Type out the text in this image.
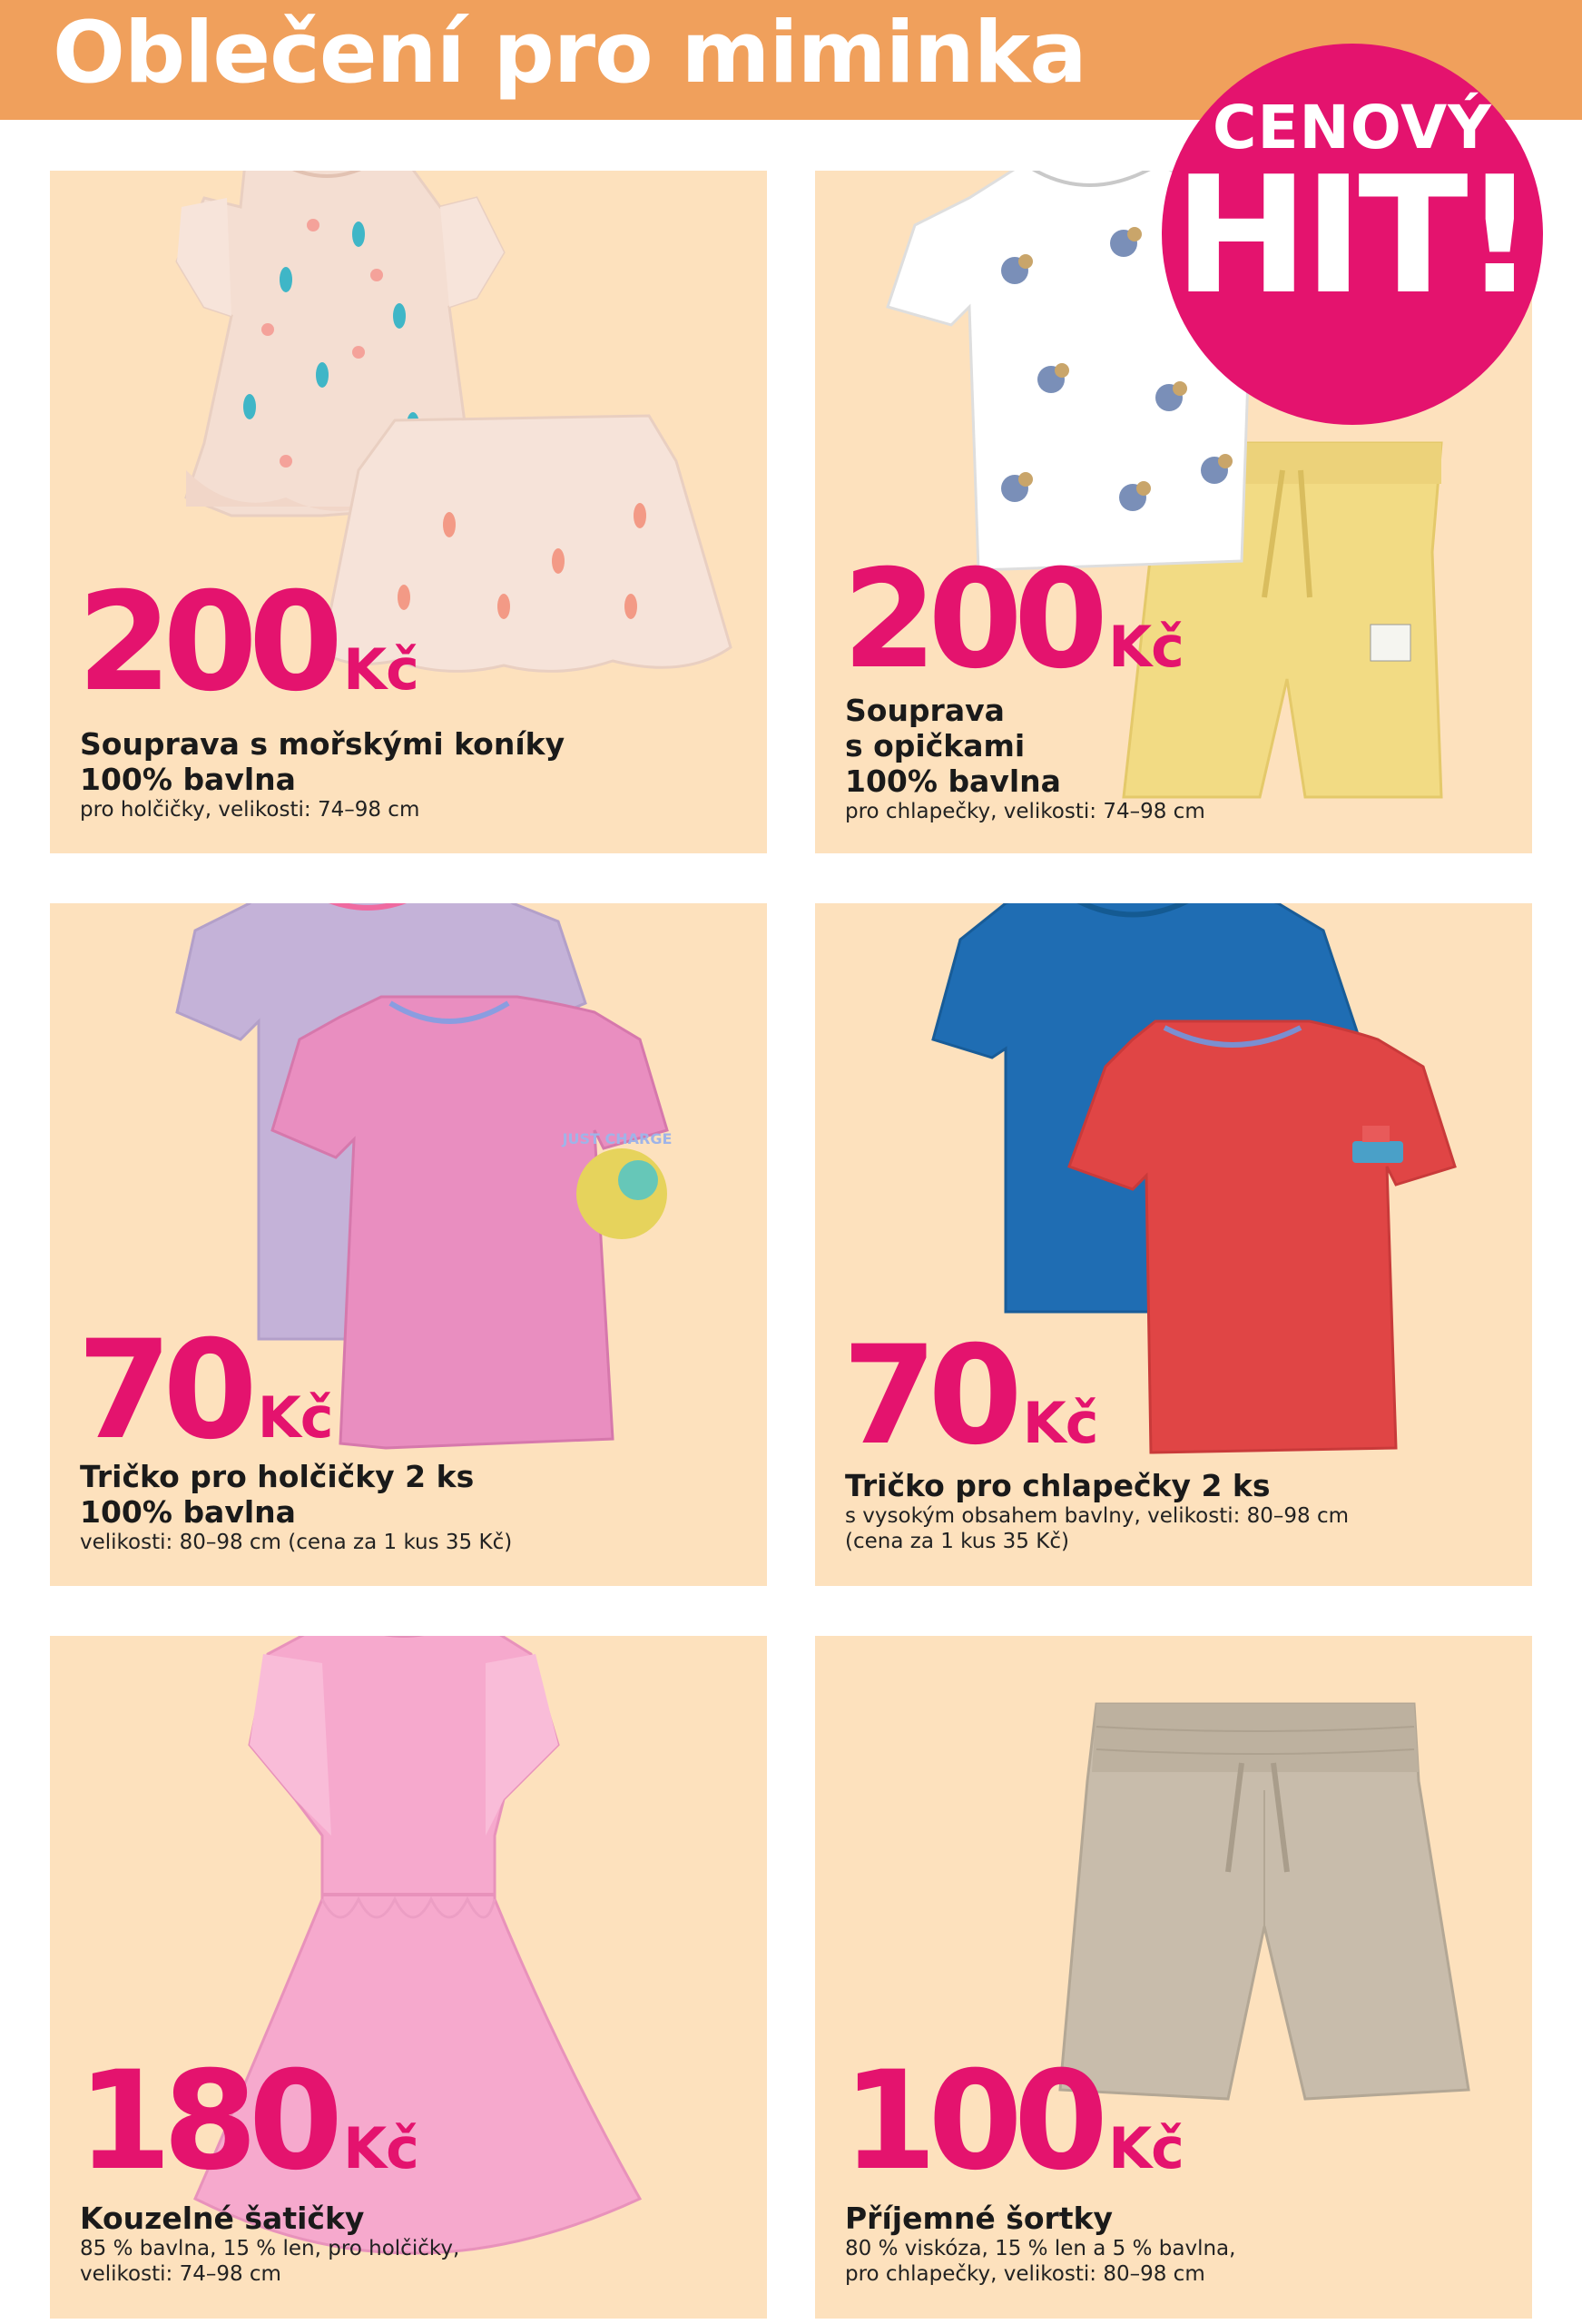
Oblečení pro miminka
CENOVÝ
HIT!
200 Kč
Souprava s mořskými koníky
100% bavlna
pro holčičky, velikosti: 74–98 cm
200 Kč
Souprava
s opičkami
100% bavlna
pro chlapečky, velikosti: 74–98 cm
JUST CHARGE
70 Kč
Tričko pro holčičky 2 ks
100% bavlna
velikosti: 80–98 cm (cena za 1 kus 35 Kč)
70 Kč
Tričko pro chlapečky 2 ks
s vysokým obsahem bavlny, velikosti: 80–98 cm
(cena za 1 kus 35 Kč)
180 Kč
Kouzelné šatičky
85 % bavlna, 15 % len, pro holčičky,
velikosti: 74–98 cm
100 Kč
Příjemné šortky
80 % viskóza, 15 % len a 5 % bavlna,
pro chlapečky, velikosti: 80–98 cm
